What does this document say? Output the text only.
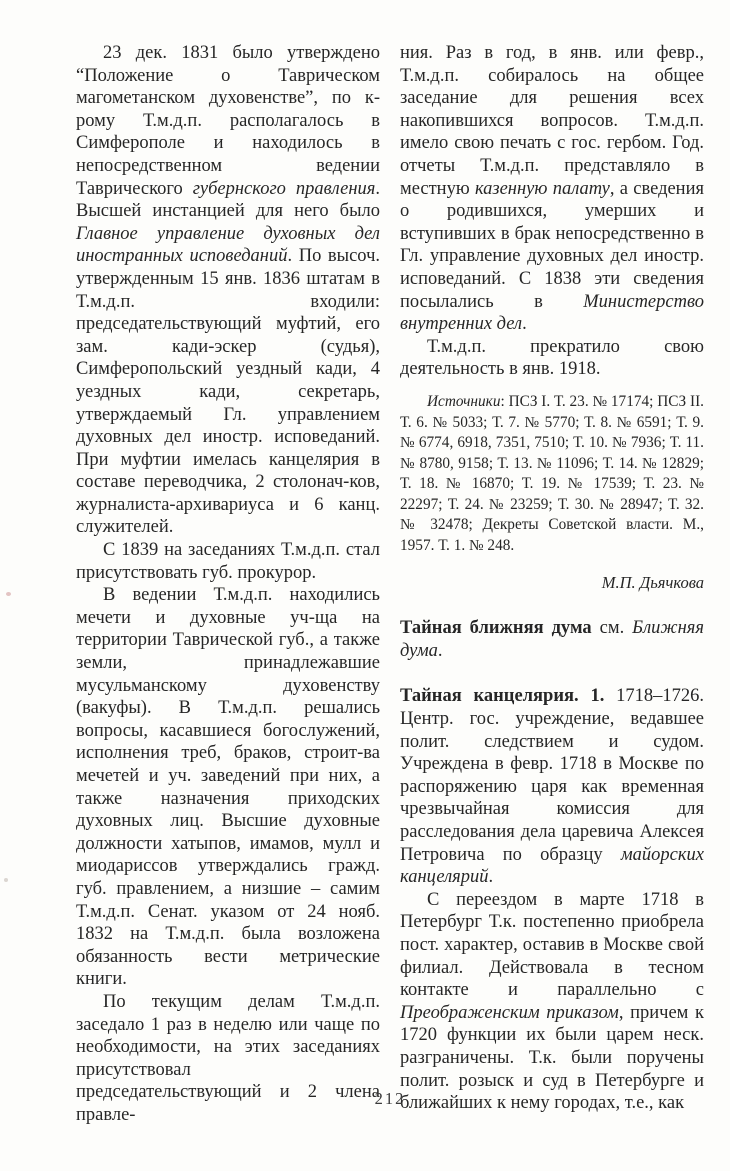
23 дек. 1831 было утверждено “Положение о Таврическом магометанском духовенстве”, по к-рому Т.м.д.п. располагалось в Симферополе и находилось в непосредственном ведении Таврического губернского правления. Высшей инстанцией для него было Главное управление духовных дел иностранных исповеданий. По высоч. утвержденным 15 янв. 1836 штатам в Т.м.д.п. входили: председательствующий муфтий, его зам. кади-эскер (судья), Симферопольский уездный кади, 4 уездных кади, секретарь, утверждаемый Гл. управлением духовных дел иностр. исповеданий. При муфтии имелась канцелярия в составе переводчика, 2 столонач-ков, журналиста-архивариуса и 6 канц. служителей.

С 1839 на заседаниях Т.м.д.п. стал присутствовать губ. прокурор.

В ведении Т.м.д.п. находились мечети и духовные уч-ща на территории Таврической губ., а также земли, принадлежавшие мусульманскому духовенству (вакуфы). В Т.м.д.п. решались вопросы, касавшиеся богослужений, исполнения треб, браков, строит-ва мечетей и уч. заведений при них, а также назначения приходских духовных лиц. Высшие духовные должности хатыпов, имамов, мулл и миодариссов утверждались гражд. губ. правлением, а низшие – самим Т.м.д.п. Сенат. указом от 24 нояб. 1832 на Т.м.д.п. была возложена обязанность вести метрические книги.

По текущим делам Т.м.д.п. заседало 1 раз в неделю или чаще по необходимости, на этих заседаниях присутствовал председательствующий и 2 члена правле-

ния. Раз в год, в янв. или февр., Т.м.д.п. собиралось на общее заседание для решения всех накопившихся вопросов. Т.м.д.п. имело свою печать с гос. гербом. Год. отчеты Т.м.д.п. представляло в местную казенную палату, а сведения о родившихся, умерших и вступивших в брак непосредственно в Гл. управление духовных дел иностр. исповеданий. С 1838 эти сведения посылались в Министерство внутренних дел.

Т.м.д.п. прекратило свою деятельность в янв. 1918.

Источники: ПСЗ I. Т. 23. № 17174; ПСЗ II. Т. 6. № 5033; Т. 7. № 5770; Т. 8. № 6591; Т. 9. № 6774, 6918, 7351, 7510; Т. 10. № 7936; Т. 11. № 8780, 9158; Т. 13. № 11096; Т. 14. № 12829; Т. 18. № 16870; Т. 19. № 17539; Т. 23. № 22297; Т. 24. № 23259; Т. 30. № 28947; Т. 32. № 32478; Декреты Советской власти. М., 1957. Т. 1. № 248.

М.П. Дьячкова

Тайная ближняя дума см. Ближняя дума.

Тайная канцелярия. 1. 1718–1726. Центр. гос. учреждение, ведавшее полит. следствием и судом. Учреждена в февр. 1718 в Москве по распоряжению царя как временная чрезвычайная комиссия для расследования дела царевича Алексея Петровича по образцу майорских канцелярий.

С переездом в марте 1718 в Петербург Т.к. постепенно приобрела пост. характер, оставив в Москве свой филиал. Действовала в тесном контакте и параллельно с Преображенским приказом, причем к 1720 функции их были царем неск. разграничены. Т.к. были поручены полит. розыск и суд в Петербурге и ближайших к нему городах, т.е., как

212
